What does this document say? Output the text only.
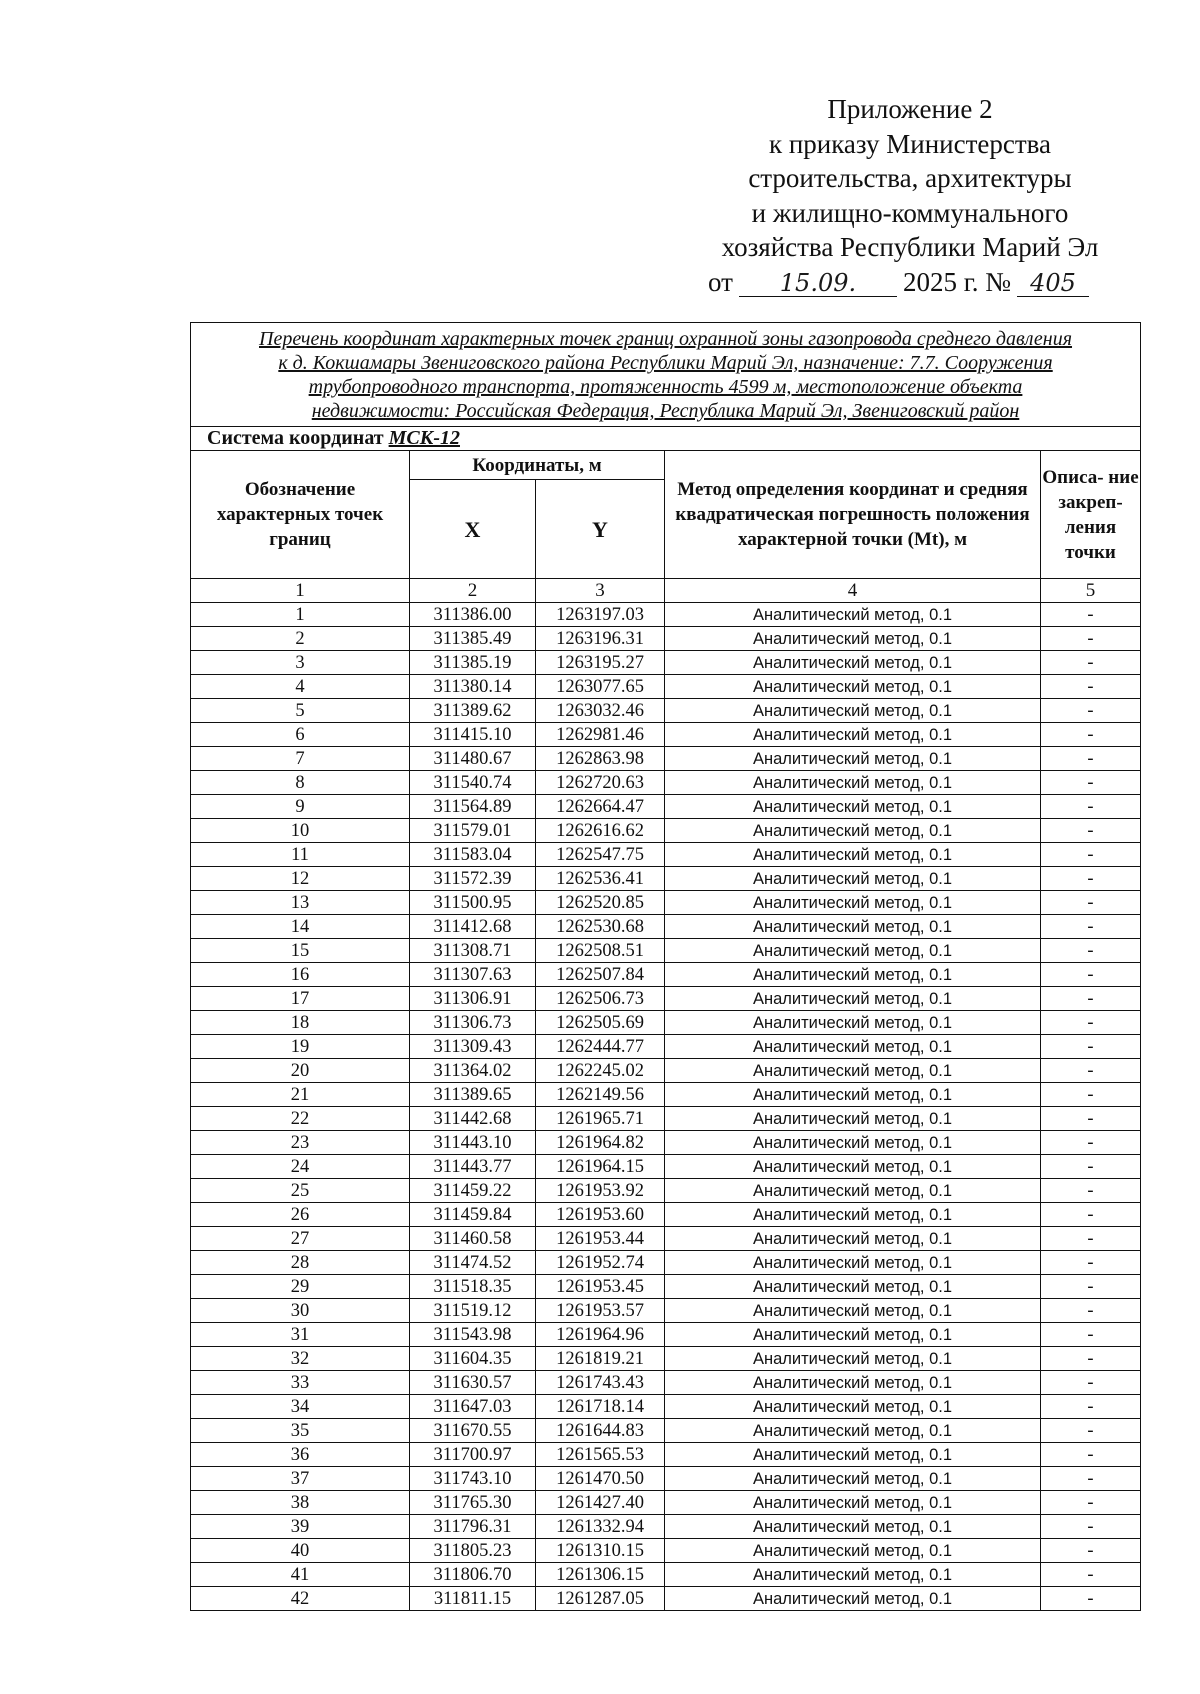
Приложение 2
к приказу Министерства
строительства, архитектуры
и жилищно-коммунального
хозяйства Республики Марий Эл
от	15.09.	2025 г. № 405
Перечень координат характерных точек границ охранной зоны газопровода среднего давления
к д. Кокшамары Звениговского района Республики Марий Эл, назначение: 7.7. Сооружения
трубопроводного транспорта, протяженность 4599 м, местоположение объекта
недвижимости: Российская Федерация, Республика Марий Эл, Звениговский район				

Система координат МСК-12				
Обозначение характерных точек границ	Координаты, м		Метод определения координат и средняя квадратическая погрешность положения характерной точки (Mt), м	Описа- ние закреп- ления точки
	X	Y		
1	2	3	4	5
1	311386.00	1263197.03	Аналитический метод, 0.1	-
2	311385.49	1263196.31	Аналитический метод, 0.1	-
3	311385.19	1263195.27	Аналитический метод, 0.1	-
4	311380.14	1263077.65	Аналитический метод, 0.1	-
5	311389.62	1263032.46	Аналитический метод, 0.1	-
6	311415.10	1262981.46	Аналитический метод, 0.1	-
7	311480.67	1262863.98	Аналитический метод, 0.1	-
8	311540.74	1262720.63	Аналитический метод, 0.1	-
9	311564.89	1262664.47	Аналитический метод, 0.1	-
10	311579.01	1262616.62	Аналитический метод, 0.1	-
11	311583.04	1262547.75	Аналитический метод, 0.1	-
12	311572.39	1262536.41	Аналитический метод, 0.1	-
13	311500.95	1262520.85	Аналитический метод, 0.1	-
14	311412.68	1262530.68	Аналитический метод, 0.1	-
15	311308.71	1262508.51	Аналитический метод, 0.1	-
16	311307.63	1262507.84	Аналитический метод, 0.1	-
17	311306.91	1262506.73	Аналитический метод, 0.1	-
18	311306.73	1262505.69	Аналитический метод, 0.1	-
19	311309.43	1262444.77	Аналитический метод, 0.1	-
20	311364.02	1262245.02	Аналитический метод, 0.1	-
21	311389.65	1262149.56	Аналитический метод, 0.1	-
22	311442.68	1261965.71	Аналитический метод, 0.1	-
23	311443.10	1261964.82	Аналитический метод, 0.1	-
24	311443.77	1261964.15	Аналитический метод, 0.1	-
25	311459.22	1261953.92	Аналитический метод, 0.1	-
26	311459.84	1261953.60	Аналитический метод, 0.1	-
27	311460.58	1261953.44	Аналитический метод, 0.1	-
28	311474.52	1261952.74	Аналитический метод, 0.1	-
29	311518.35	1261953.45	Аналитический метод, 0.1	-
30	311519.12	1261953.57	Аналитический метод, 0.1	-
31	311543.98	1261964.96	Аналитический метод, 0.1	-
32	311604.35	1261819.21	Аналитический метод, 0.1	-
33	311630.57	1261743.43	Аналитический метод, 0.1	-
34	311647.03	1261718.14	Аналитический метод, 0.1	-
35	311670.55	1261644.83	Аналитический метод, 0.1	-
36	311700.97	1261565.53	Аналитический метод, 0.1	-
37	311743.10	1261470.50	Аналитический метод, 0.1	-
38	311765.30	1261427.40	Аналитический метод, 0.1	-
39	311796.31	1261332.94	Аналитический метод, 0.1	-
40	311805.23	1261310.15	Аналитический метод, 0.1	-
41	311806.70	1261306.15	Аналитический метод, 0.1	-
42	311811.15	1261287.05	Аналитический метод, 0.1	-
